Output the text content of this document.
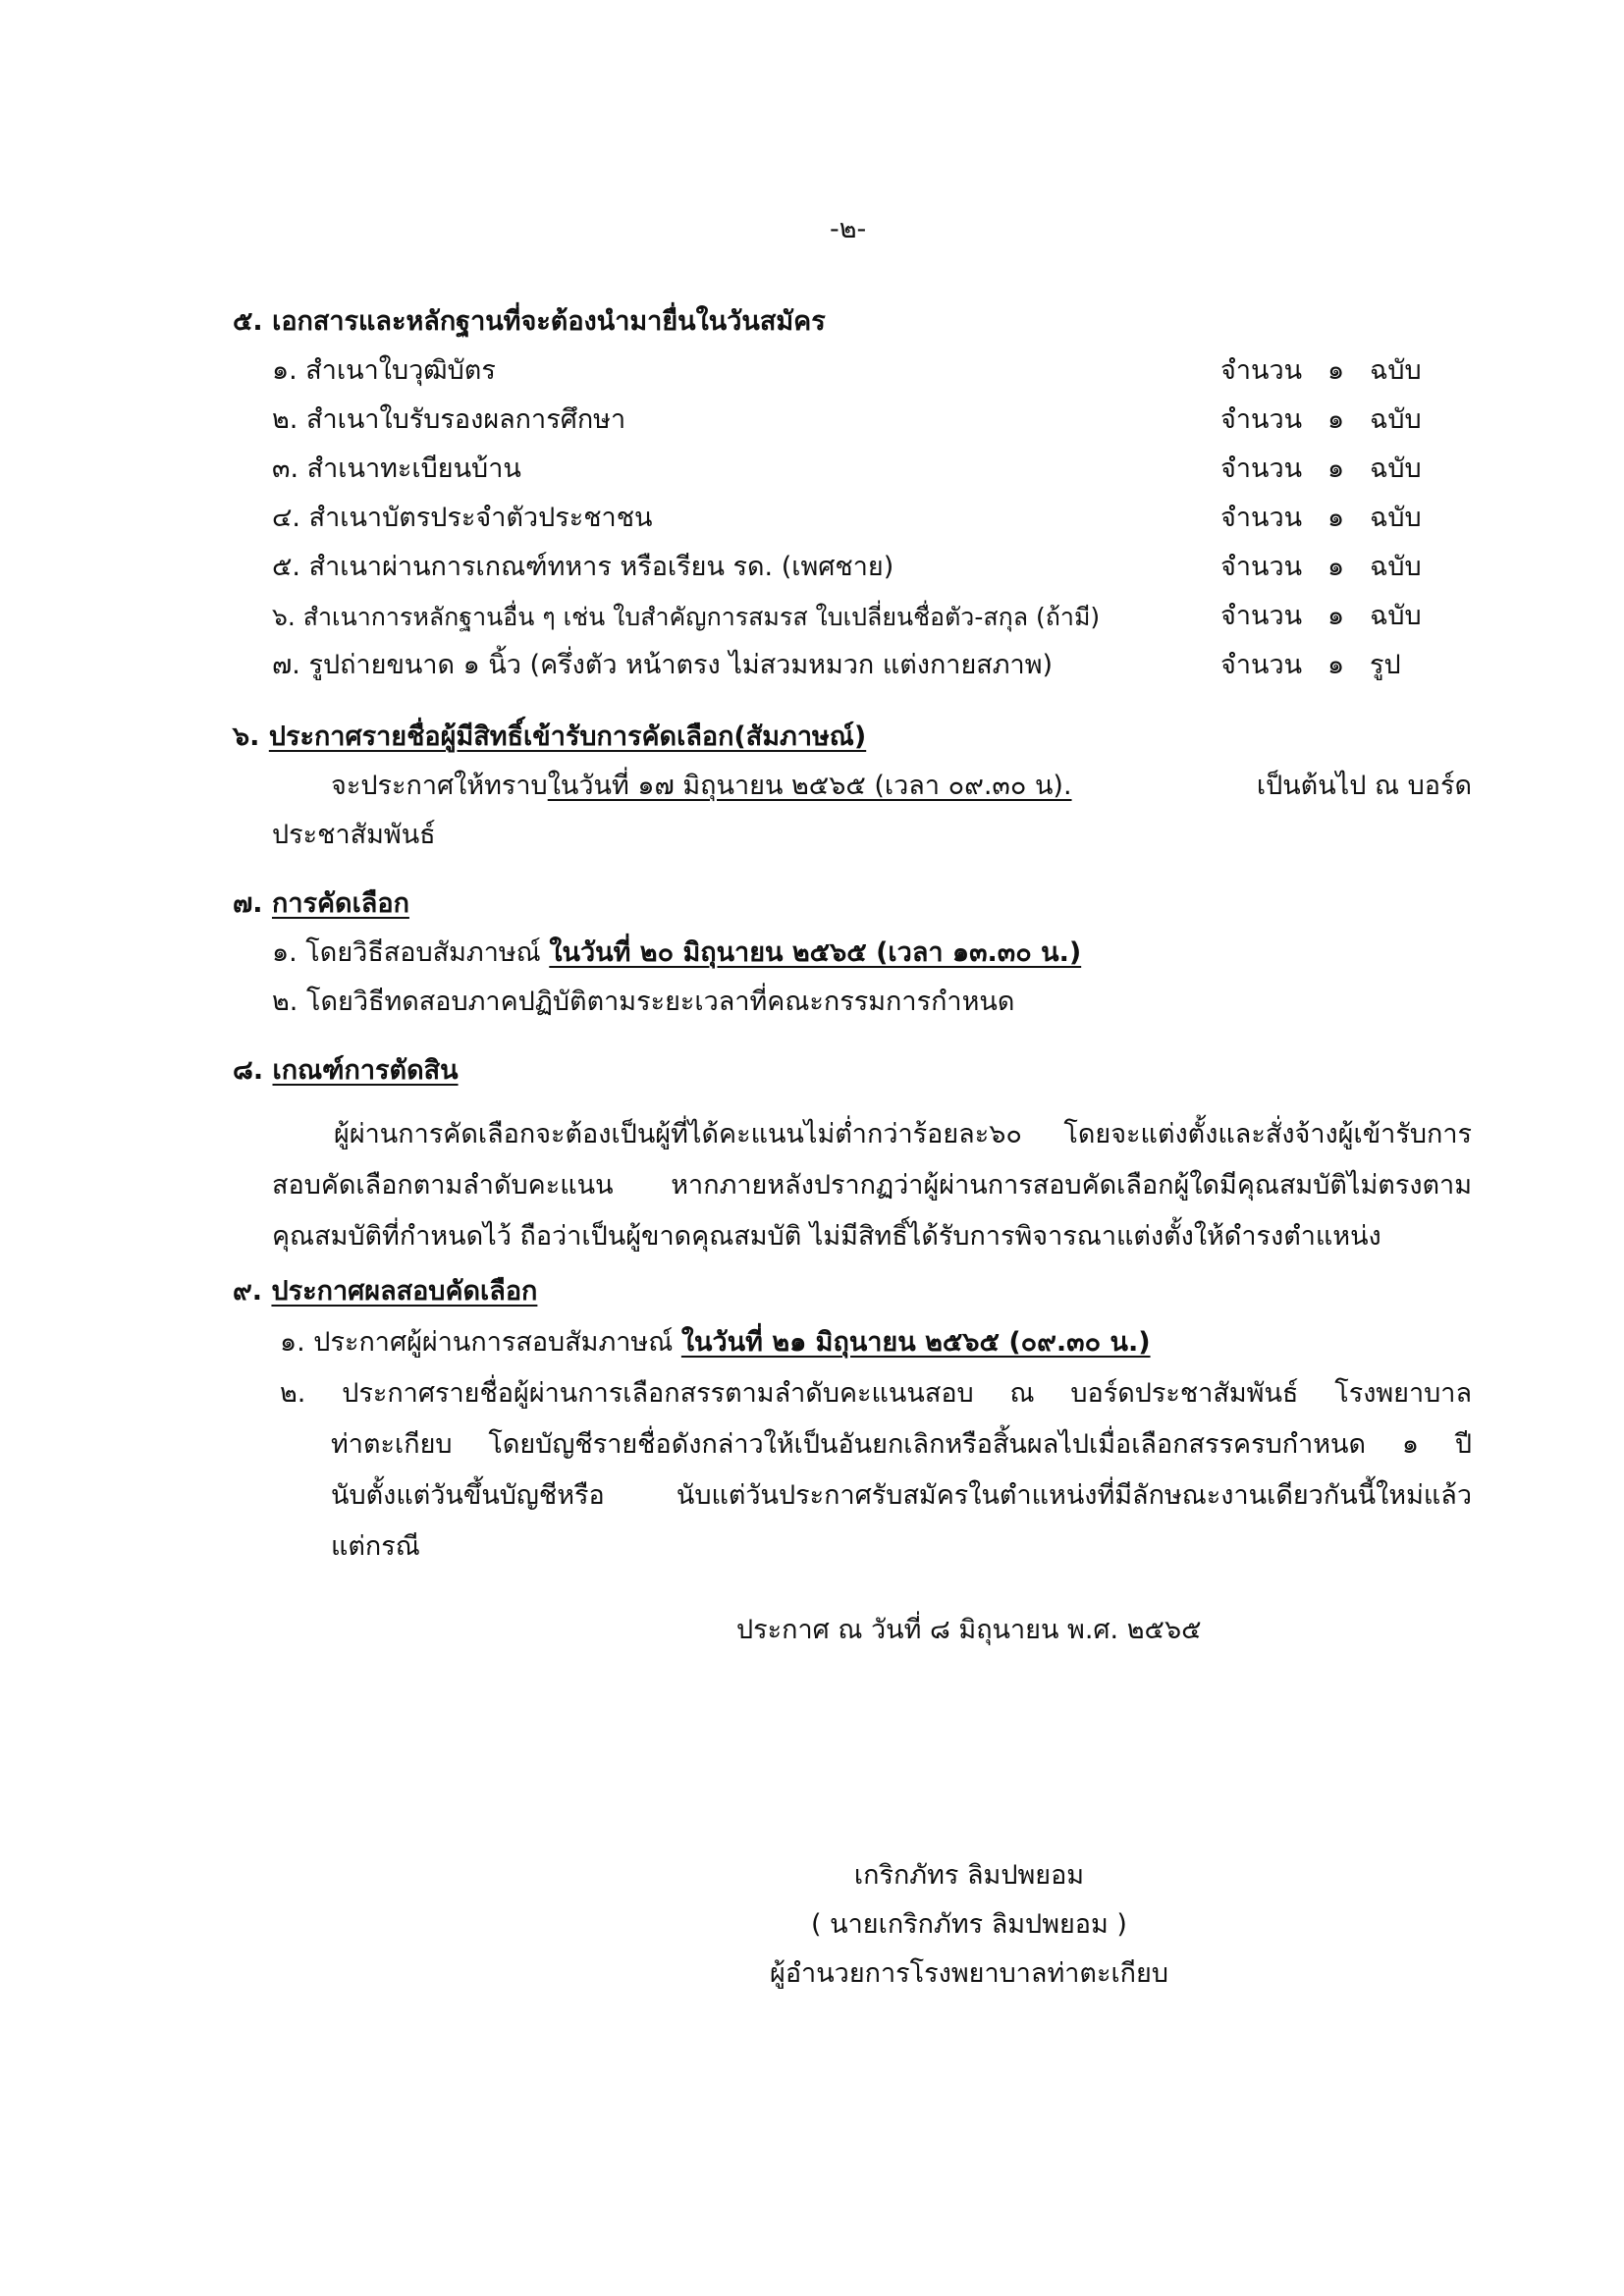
-๒-
๕. เอกสารและหลักฐานที่จะต้องนำมายื่นในวันสมัคร
๑. สำเนาใบวุฒิบัตร	จำนวน ๑ ฉบับ
๒. สำเนาใบรับรองผลการศึกษา	จำนวน ๑ ฉบับ
๓. สำเนาทะเบียนบ้าน	จำนวน ๑ ฉบับ
๔. สำเนาบัตรประจำตัวประชาชน	จำนวน ๑ ฉบับ
๕. สำเนาผ่านการเกณฑ์ทหาร หรือเรียน รด. (เพศชาย)	จำนวน ๑ ฉบับ
๖. สำเนาการหลักฐานอื่น ๆ เช่น ใบสำคัญการสมรส ใบเปลี่ยนชื่อตัว-สกุล (ถ้ามี)	จำนวน ๑ ฉบับ
๗. รูปถ่ายขนาด ๑ นิ้ว (ครึ่งตัว หน้าตรง ไม่สวมหมวก แต่งกายสภาพ)	จำนวน ๑ รูป
๖. ประกาศรายชื่อผู้มีสิทธิ์เข้ารับการคัดเลือก(สัมภาษณ์)
จะประกาศให้ทราบในวันที่ ๑๗ มิถุนายน ๒๕๖๕ (เวลา ๐๙.๓๐ น).	เป็นต้นไป ณ บอร์ด
ประชาสัมพันธ์
๗. การคัดเลือก
๑. โดยวิธีสอบสัมภาษณ์ ในวันที่ ๒๐ มิถุนายน ๒๕๖๕ (เวลา ๑๓.๓๐ น.)
๒. โดยวิธีทดสอบภาคปฏิบัติตามระยะเวลาที่คณะกรรมการกำหนด
๘. เกณฑ์การตัดสิน
ผู้ผ่านการคัดเลือกจะต้องเป็นผู้ที่ได้คะแนนไม่ต่ำกว่าร้อยละ๖๐ โดยจะแต่งตั้งและสั่งจ้างผู้เข้ารับการ
สอบคัดเลือกตามลำดับคะแนน หากภายหลังปรากฏว่าผู้ผ่านการสอบคัดเลือกผู้ใดมีคุณสมบัติไม่ตรงตาม
คุณสมบัติที่กำหนดไว้ ถือว่าเป็นผู้ขาดคุณสมบัติ ไม่มีสิทธิ์ได้รับการพิจารณาแต่งตั้งให้ดำรงตำแหน่ง
๙. ประกาศผลสอบคัดเลือก
๑. ประกาศผู้ผ่านการสอบสัมภาษณ์ ในวันที่ ๒๑ มิถุนายน ๒๕๖๕ (๐๙.๓๐ น.)
๒. ประกาศรายชื่อผู้ผ่านการเลือกสรรตามลำดับคะแนนสอบ ณ บอร์ดประชาสัมพันธ์ โรงพยาบาล
ท่าตะเกียบ โดยบัญชีรายชื่อดังกล่าวให้เป็นอันยกเลิกหรือสิ้นผลไปเมื่อเลือกสรรครบกำหนด ๑ ปี
นับตั้งแต่วันขึ้นบัญชีหรือ นับแต่วันประกาศรับสมัครในตำแหน่งที่มีลักษณะงานเดียวกันนี้ใหม่แล้ว
แต่กรณี
ประกาศ ณ วันที่ ๘ มิถุนายน พ.ศ. ๒๕๖๕
เกริกภัทร ลิมปพยอม
( นายเกริกภัทร ลิมปพยอม )
ผู้อำนวยการโรงพยาบาลท่าตะเกียบ
